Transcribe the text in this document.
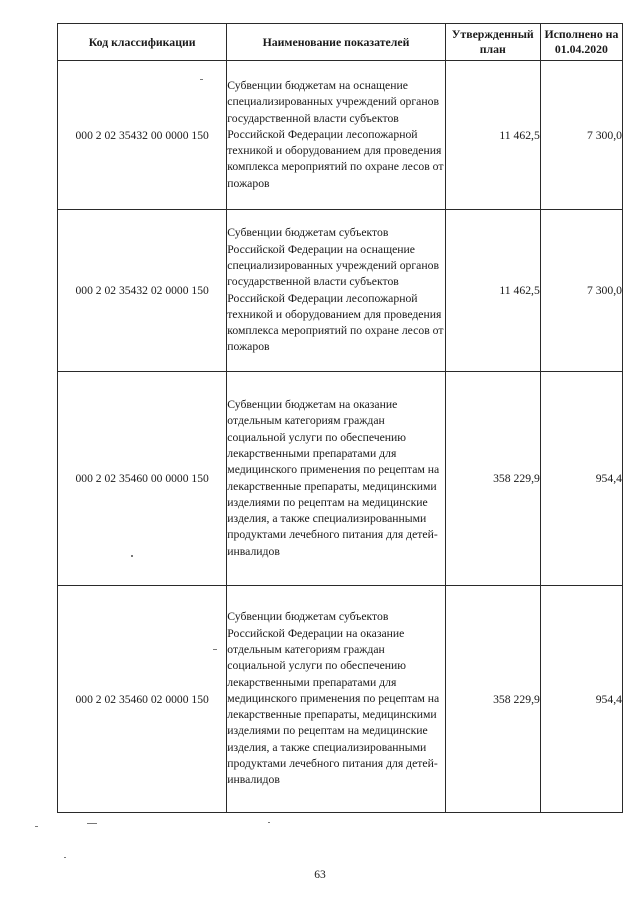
Код классификации	Наименование показателей	Утвержденный план	Исполнено на 01.04.2020
000 2 02 35432 00 0000 150	Субвенции бюджетам на оснащение специализированных учреждений органов государственной власти субъектов Российской Федерации лесопожарной техникой и оборудованием для проведения комплекса мероприятий по охране лесов от пожаров	11 462,5	7 300,0
000 2 02 35432 02 0000 150	Субвенции бюджетам субъектов Российской Федерации на оснащение специализированных учреждений органов государственной власти субъектов Российской Федерации лесопожарной техникой и оборудованием для проведения комплекса мероприятий по охране лесов от пожаров	11 462,5	7 300,0
000 2 02 35460 00 0000 150	Субвенции бюджетам на оказание отдельным категориям граждан социальной услуги по обеспечению лекарственными препаратами для медицинского применения по рецептам на лекарственные препараты, медицинскими изделиями по рецептам на медицинские изделия, а также специализированными продуктами лечебного питания для детей-инвалидов	358 229,9	954,4
000 2 02 35460 02 0000 150	Субвенции бюджетам субъектов Российской Федерации на оказание отдельным категориям граждан социальной услуги по обеспечению лекарственными препаратами для медицинского применения по рецептам на лекарственные препараты, медицинскими изделиями по рецептам на медицинские изделия, а также специализированными продуктами лечебного питания для детей-инвалидов	358 229,9	954,4
63
